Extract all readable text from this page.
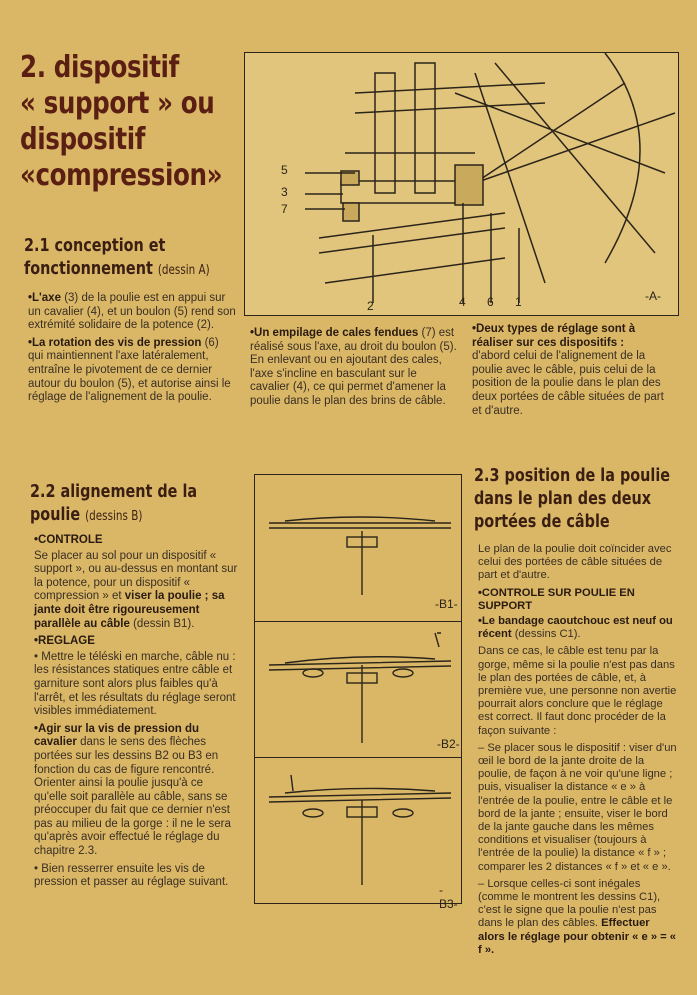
2. dispositif
« support » ou
dispositif
«compression»
2.1 conception et
fonctionnement (dessin A)

• L'axe (3) de la poulie est en appui sur un cavalier (4), et un boulon (5) rend son extrémité solidaire de la potence (2).

• La rotation des vis de pression (6) qui maintiennent l'axe latéralement, entraîne le pivotement de ce dernier autour du boulon (5), et autorise ainsi le réglage de l'alignement de la poulie.

• Un empilage de cales fendues (7) est réalisé sous l'axe, au droit du boulon (5). En enlevant ou en ajoutant des cales, l'axe s'incline en basculant sur le cavalier (4), ce qui permet d'amener la poulie dans le plan des brins de câble.

• Deux types de réglage sont à réaliser sur ces dispositifs :
d'abord celui de l'alignement de la poulie avec le câble, puis celui de la position de la poulie dans le plan des deux portées de câble situées de part et d'autre.

5
3
7
2	4 6 1	-A-
2.2 alignement de la
poulie (dessins B)

• CONTROLE

Se placer au sol pour un dispositif « support », ou au-dessus en montant sur la potence, pour un dispositif « compression » et viser la poulie ; sa jante doit être rigoureusement parallèle au câble (dessin B1).

• REGLAGE

• Mettre le téléski en marche, câble nu : les résistances statiques entre câble et garniture sont alors plus faibles qu'à l'arrêt, et les résultats du réglage seront visibles immédiatement.

• Agir sur la vis de pression du cavalier dans le sens des flèches portées sur les dessins B2 ou B3 en fonction du cas de figure rencontré. Orienter ainsi la poulie jusqu'à ce qu'elle soit parallèle au câble, sans se préoccuper du fait que ce dernier n'est pas au milieu de la gorge : il ne le sera qu'après avoir effectué le réglage du chapitre 2.3.

• Bien resserrer ensuite les vis de pression et passer au réglage suivant.

-B1-
-B2-
-B3-
2.3 position de la poulie
dans le plan des deux
portées de câble

Le plan de la poulie doit coïncider avec celui des portées de câble situées de part et d'autre.

• CONTROLE SUR POULIE EN SUPPORT

• Le bandage caoutchouc est neuf ou récent (dessins C1).

Dans ce cas, le câble est tenu par la gorge, même si la poulie n'est pas dans le plan des portées de câble, et, à première vue, une personne non avertie pourrait alors conclure que le réglage est correct. Il faut donc procéder de la façon suivante :

– Se placer sous le dispositif : viser d'un œil le bord de la jante droite de la poulie, de façon à ne voir qu'une ligne ; puis, visualiser la distance « e » à l'entrée de la poulie, entre le câble et le bord de la jante ; ensuite, viser le bord de la jante gauche dans les mêmes conditions et visualiser (toujours à l'entrée de la poulie) la distance « f » ; comparer les 2 distances « f » et « e ».

– Lorsque celles-ci sont inégales (comme le montrent les dessins C1), c'est le signe que la poulie n'est pas dans le plan des câbles. Effectuer alors le réglage pour obtenir « e » = « f ».
